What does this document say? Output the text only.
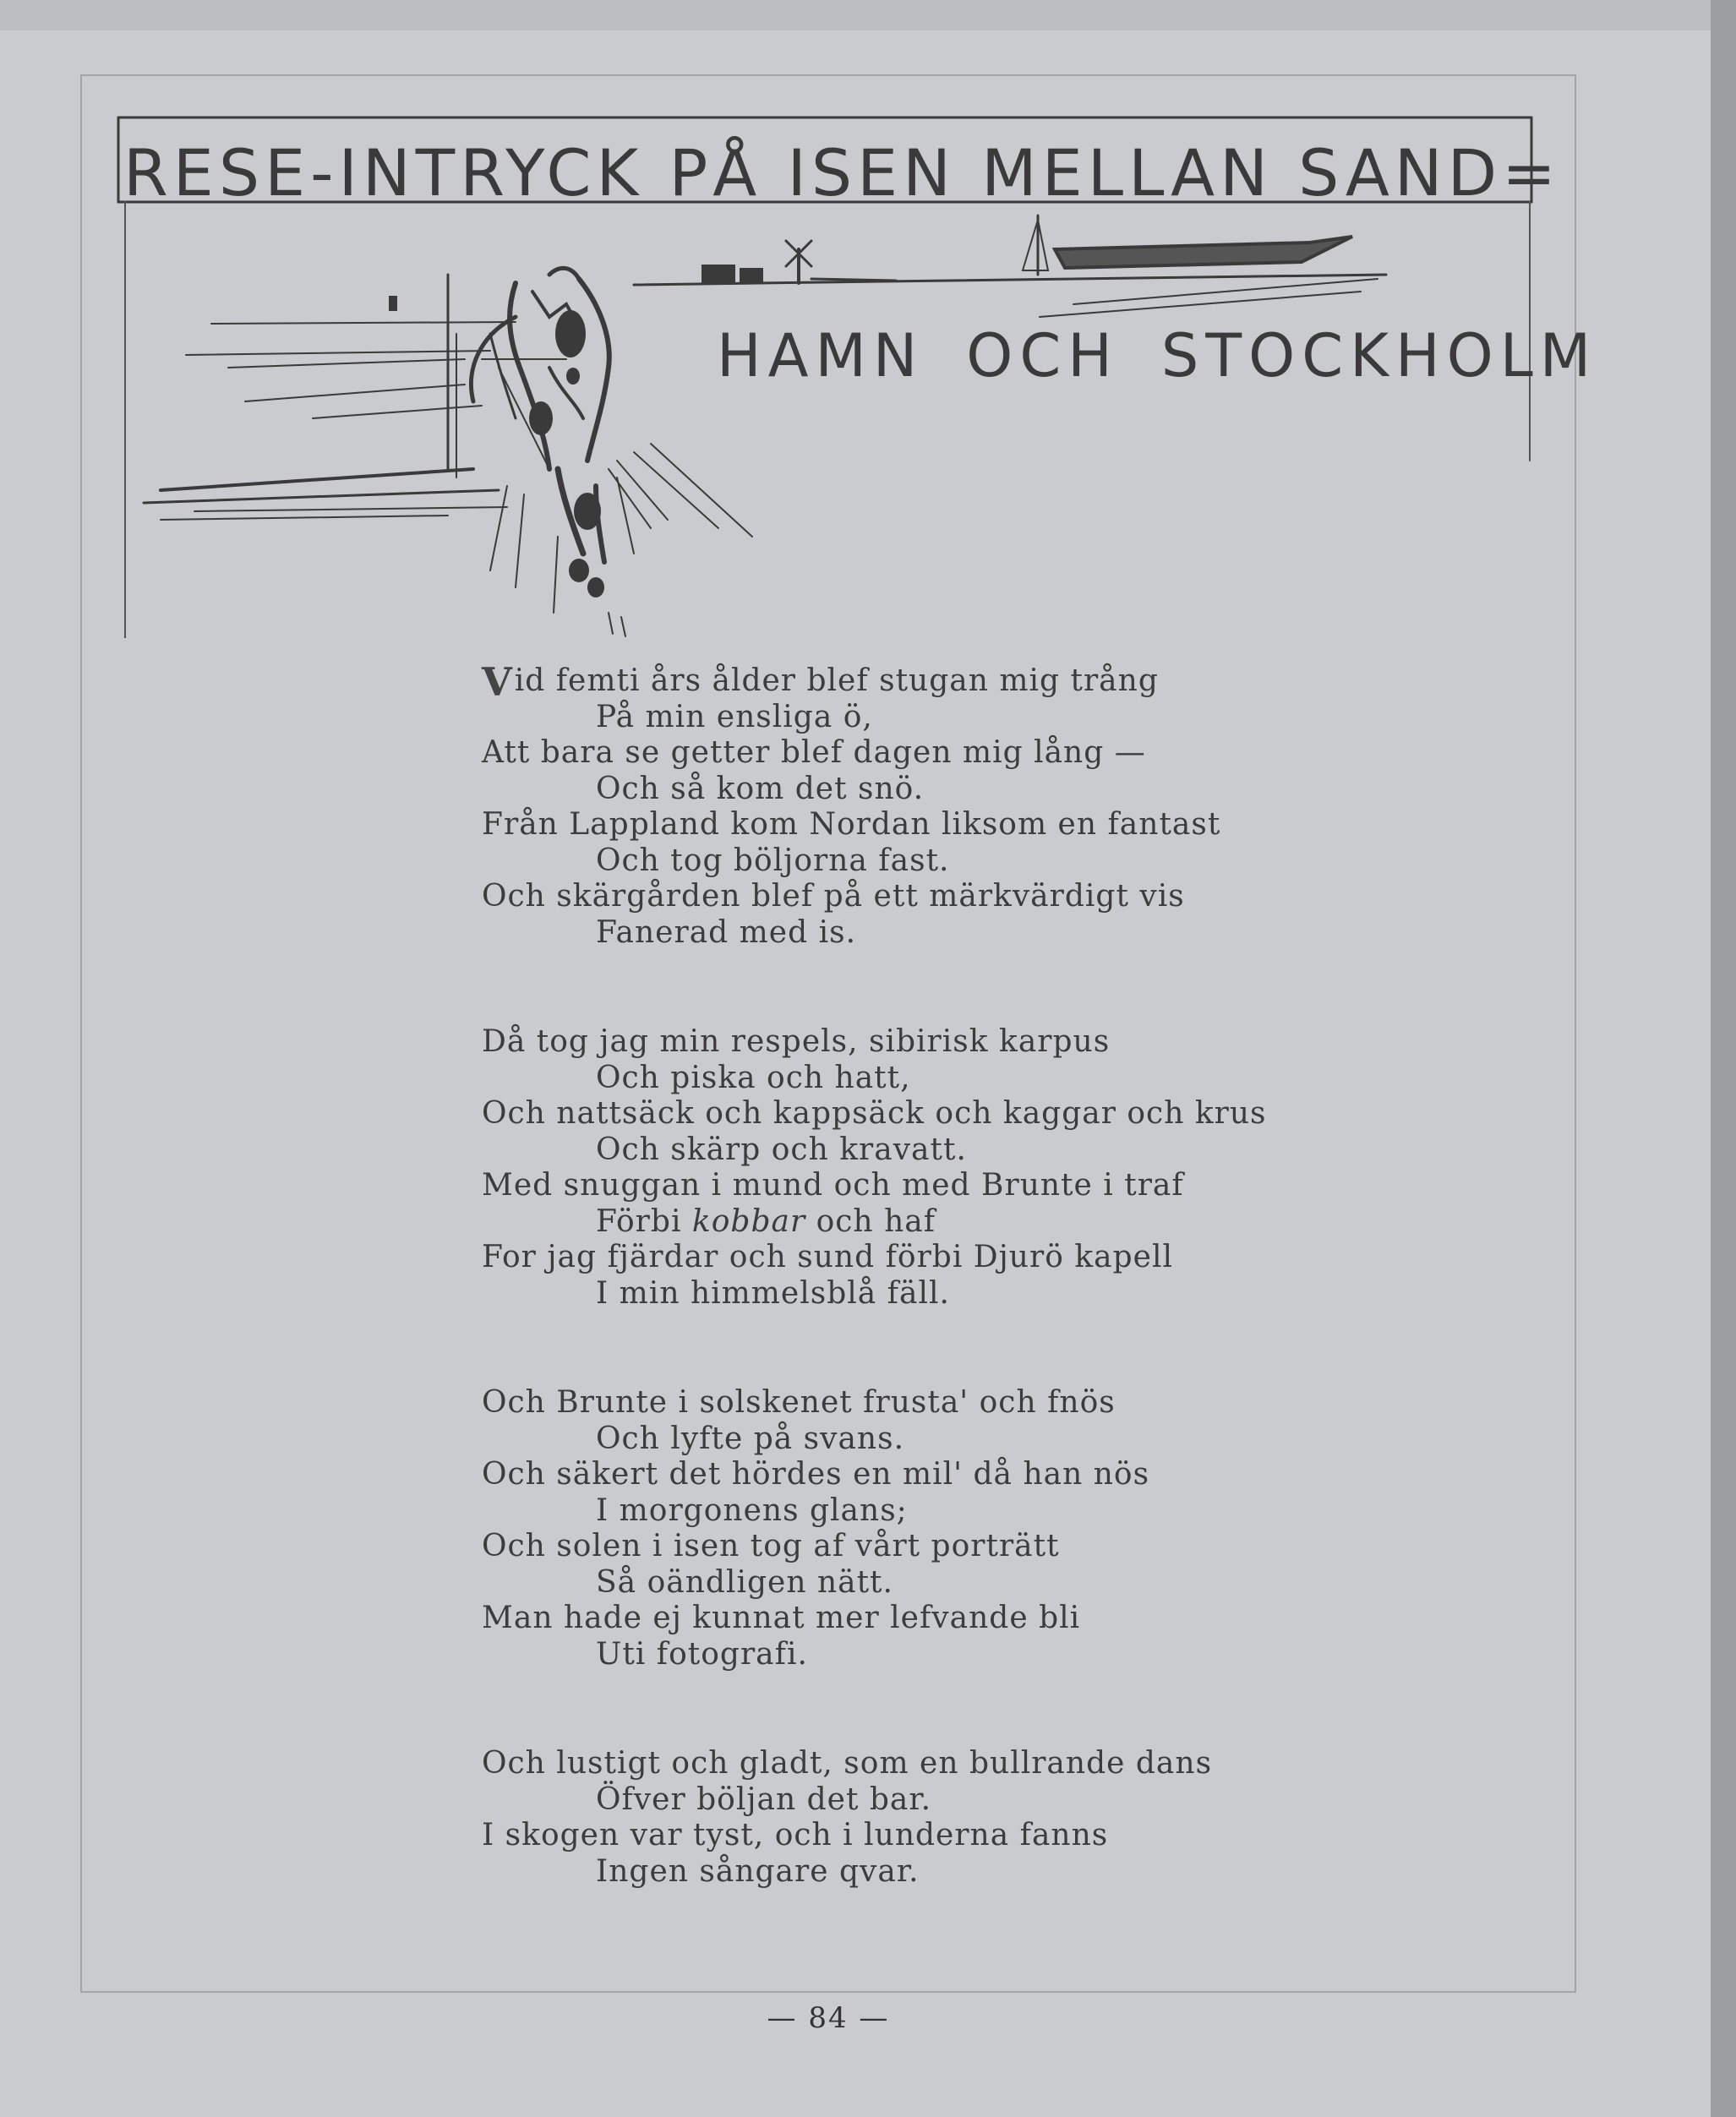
RESE-INTRYCK PÅ ISEN MELLAN SAND=
HAMN OCH STOCKHOLM
Vid femti års ålder blef stugan mig trång
På min ensliga ö,
Att bara se getter blef dagen mig lång —
Och så kom det snö.
Från Lappland kom Nordan liksom en fantast
Och tog böljorna fast.
Och skärgården blef på ett märkvärdigt vis
Fanerad med is.
Då tog jag min respels, sibirisk karpus
Och piska och hatt,
Och nattsäck och kappsäck och kaggar och krus
Och skärp och kravatt.
Med snuggan i mund och med Brunte i traf
Förbi kobbar och haf
For jag fjärdar och sund förbi Djurö kapell
I min himmelsblå fäll.
Och Brunte i solskenet frusta' och fnös
Och lyfte på svans.
Och säkert det hördes en mil' då han nös
I morgonens glans;
Och solen i isen tog af vårt porträtt
Så oändligen nätt.
Man hade ej kunnat mer lefvande bli
Uti fotografi.
Och lustigt och gladt, som en bullrande dans
Öfver böljan det bar.
I skogen var tyst, och i lunderna fanns
Ingen sångare qvar.
— 84 —
